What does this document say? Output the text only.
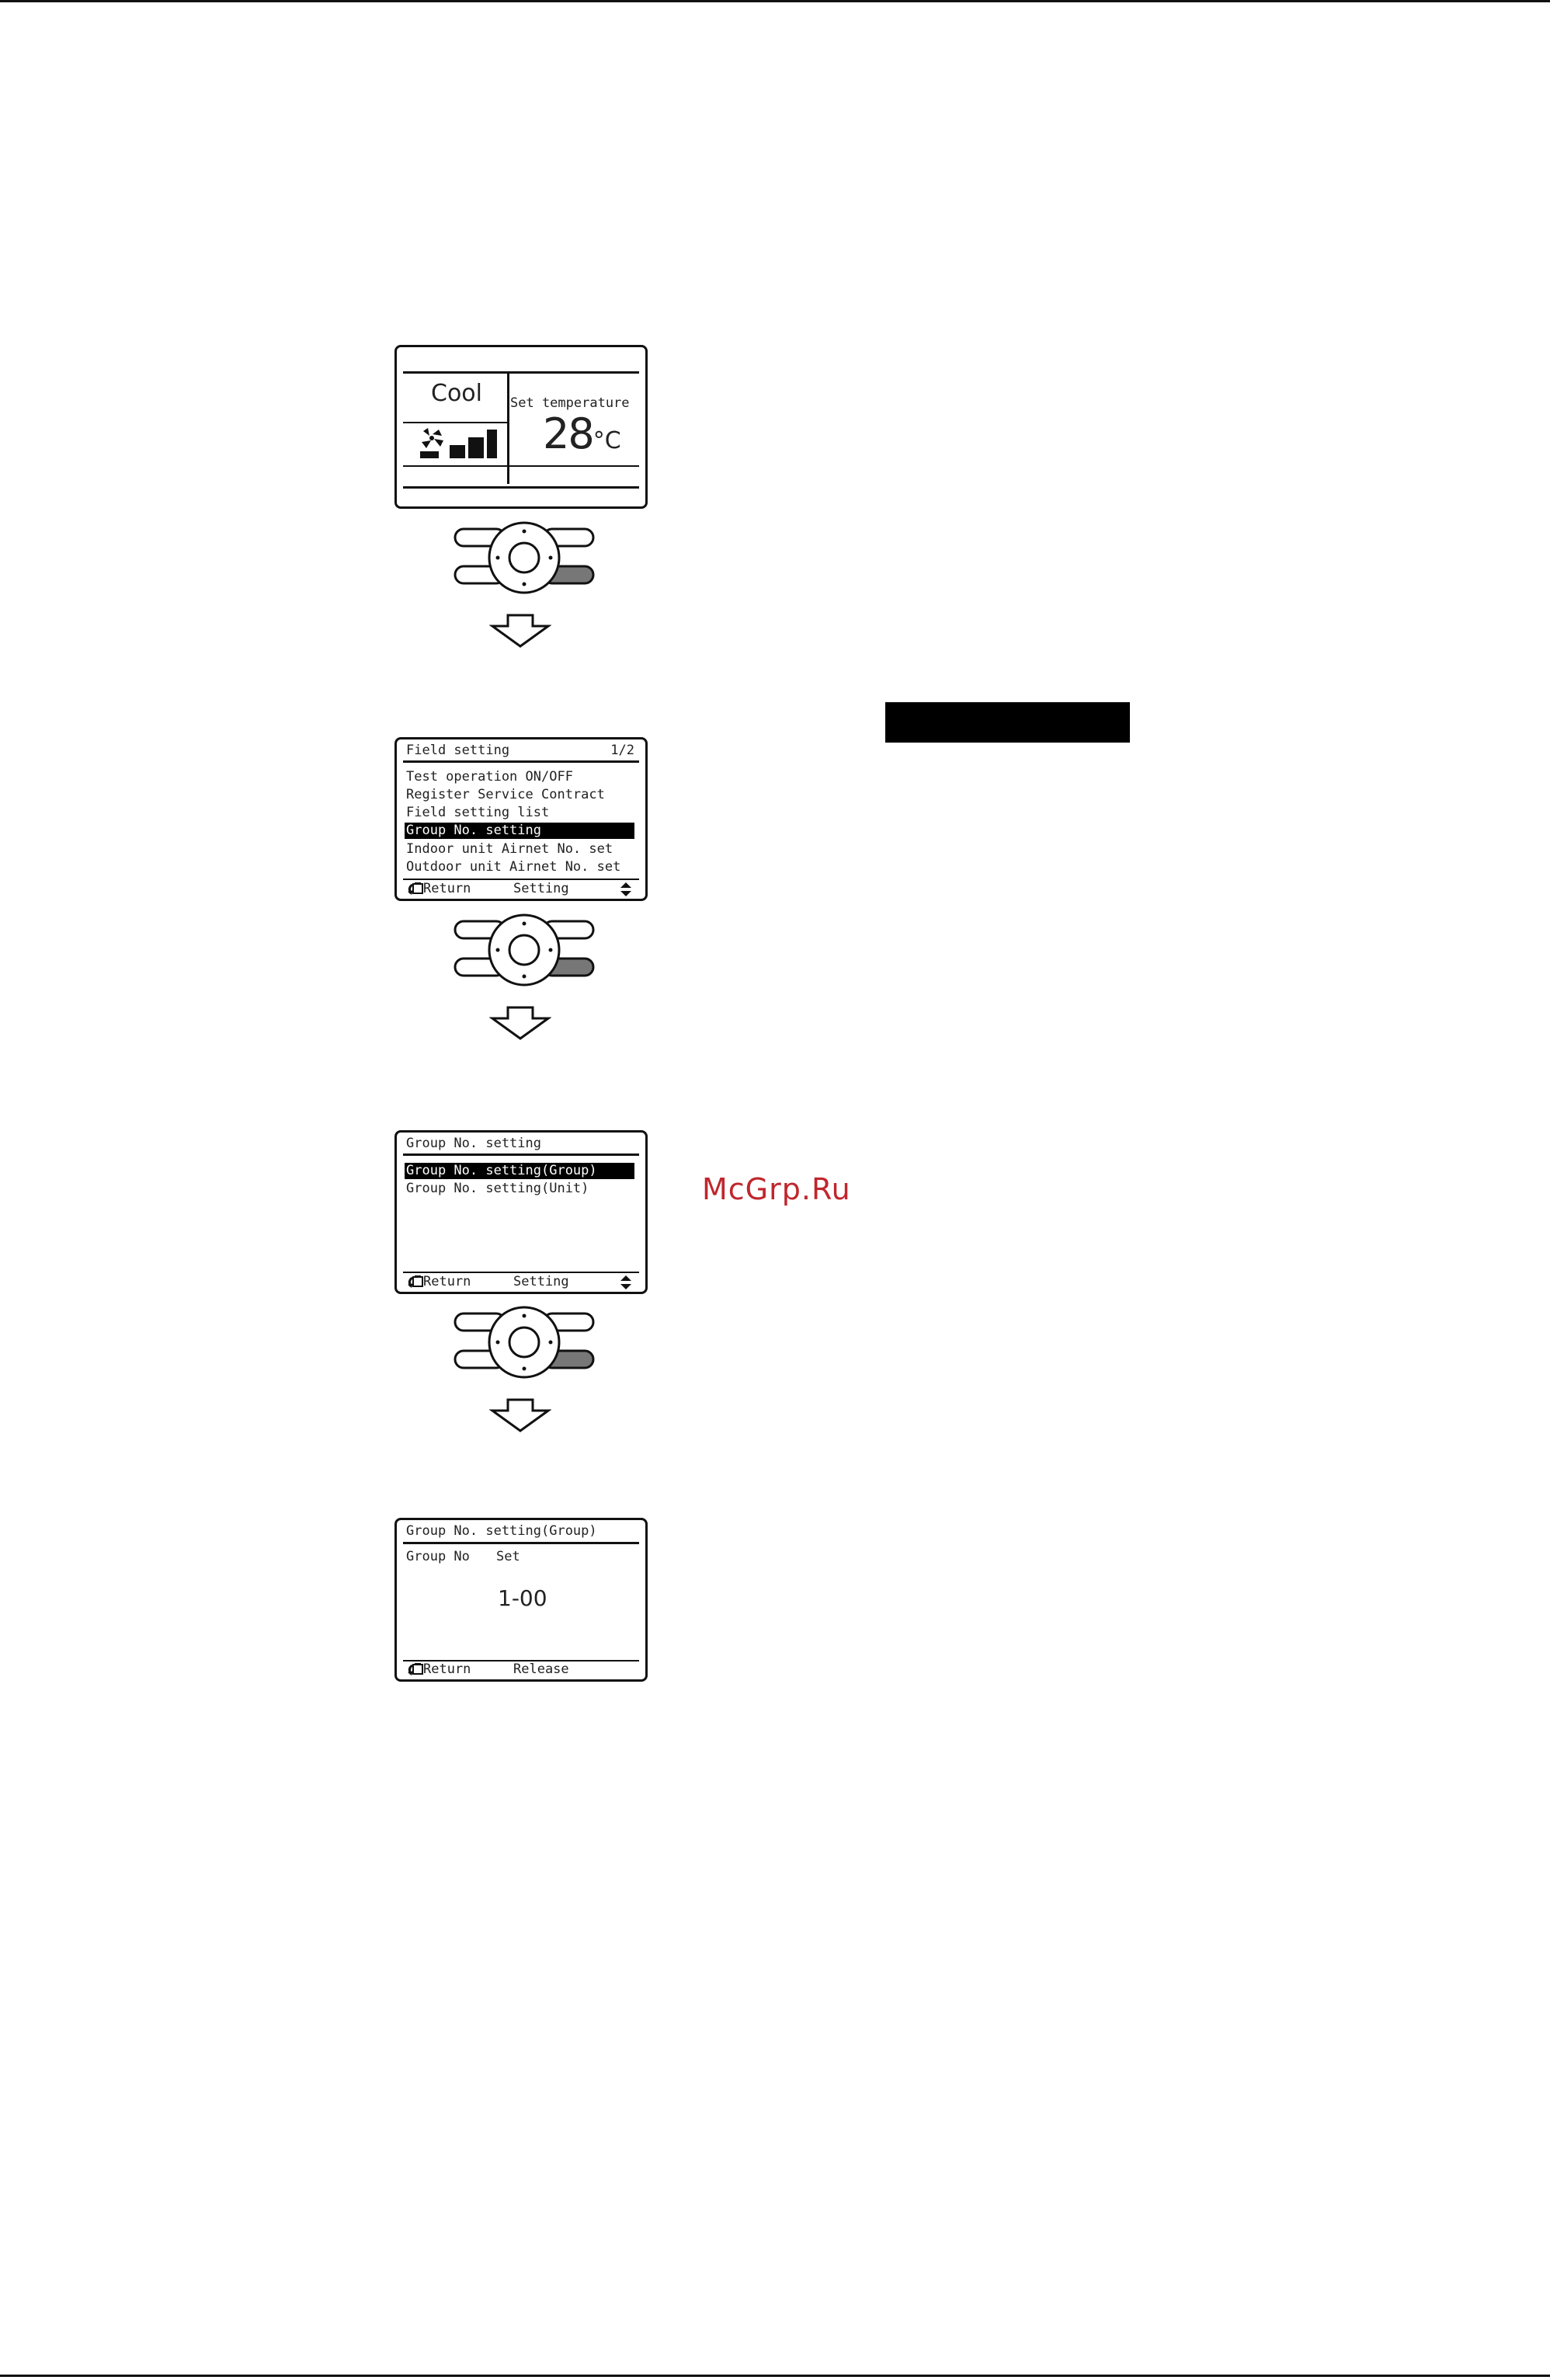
Cool Set temperature
28°C
Field setting	1/2
Test operation ON/OFF
Register Service Contract
Field setting list
Group No. setting
Indoor unit Airnet No. set
Outdoor unit Airnet No. set
Return	Setting
Group No. setting
Group No. setting(Group)
Group No. setting(Unit)
Return	Setting
McGrp.Ru
Group No. setting(Group)
Group No Set
1-00
Return	Release
